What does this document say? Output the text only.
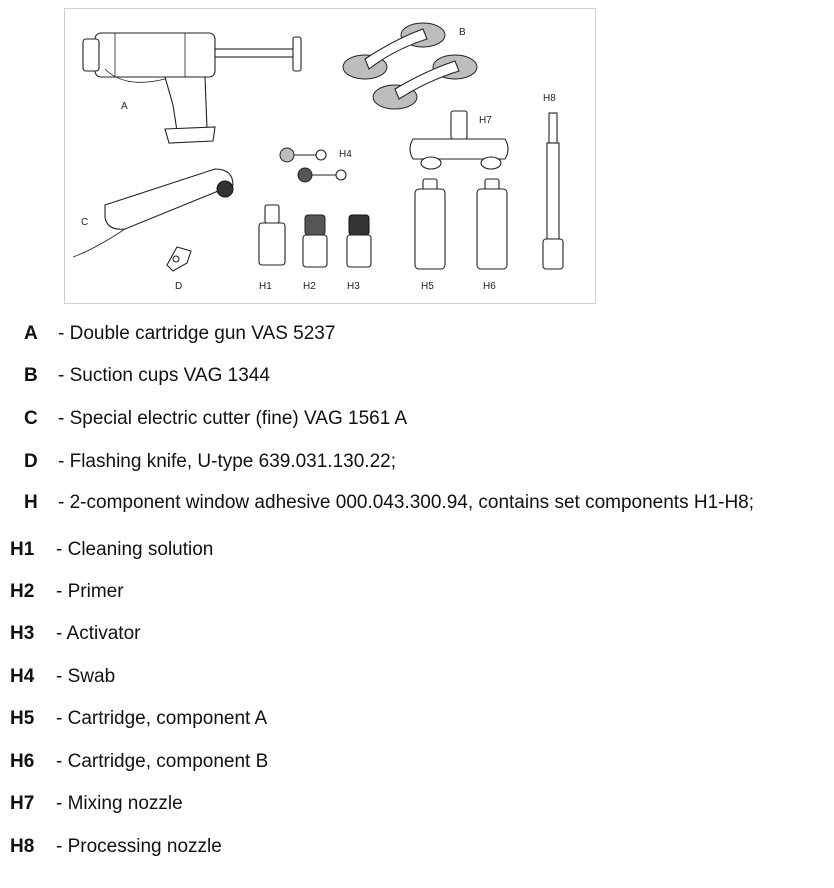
A
B
C
D	H1	H2	H3
H4
H5	H6
H7
H8
A - Double cartridge gun VAS 5237
B - Suction cups VAG 1344
C - Special electric cutter (fine) VAG 1561 A
D - Flashing knife, U-type 639.031.130.22;
H - 2-component window adhesive 000.043.300.94, contains set components H1-H8;
H1 - Cleaning solution
H2 - Primer
H3 - Activator
H4 - Swab
H5 - Cartridge, component A
H6 - Cartridge, component B
H7 - Mixing nozzle
H8 - Processing nozzle
